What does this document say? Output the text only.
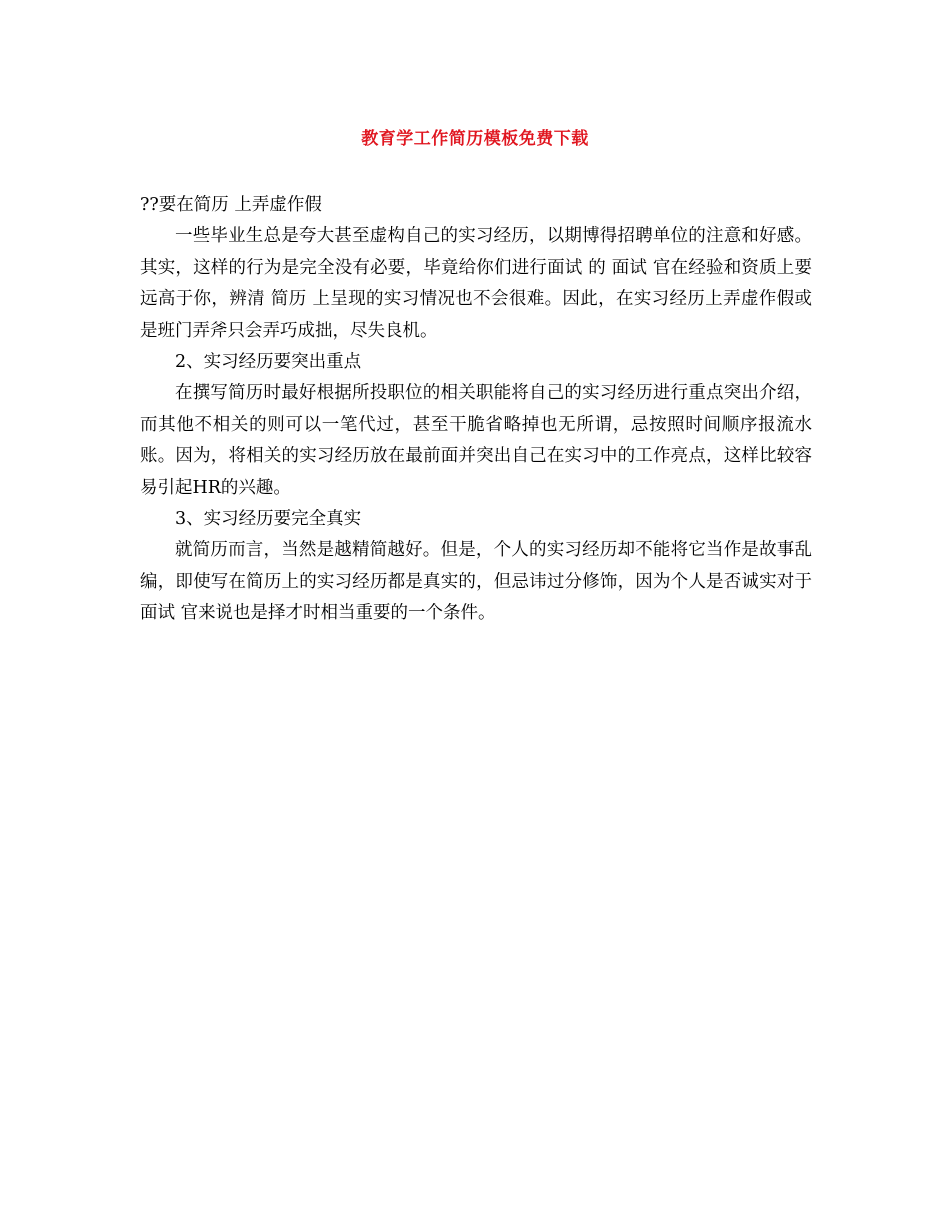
教育学工作简历模板免费下载

??要在简历 上弄虚作假

一些毕业生总是夸大甚至虚构自己的实习经历，以期博得招聘单位的注意和好感。其实，这样的行为是完全没有必要，毕竟给你们进行面试 的 面试 官在经验和资质上要远高于你，辨清 简历 上呈现的实习情况也不会很难。因此，在实习经历上弄虚作假或是班门弄斧只会弄巧成拙，尽失良机。

2、实习经历要突出重点

在撰写简历时最好根据所投职位的相关职能将自己的实习经历进行重点突出介绍，而其他不相关的则可以一笔代过，甚至干脆省略掉也无所谓，忌按照时间顺序报流水账。因为，将相关的实习经历放在最前面并突出自己在实习中的工作亮点，这样比较容易引起HR的兴趣。

3、实习经历要完全真实

就简历而言，当然是越精简越好。但是，个人的实习经历却不能将它当作是故事乱编，即使写在简历上的实习经历都是真实的，但忌讳过分修饰，因为个人是否诚实对于 面试 官来说也是择才时相当重要的一个条件。
